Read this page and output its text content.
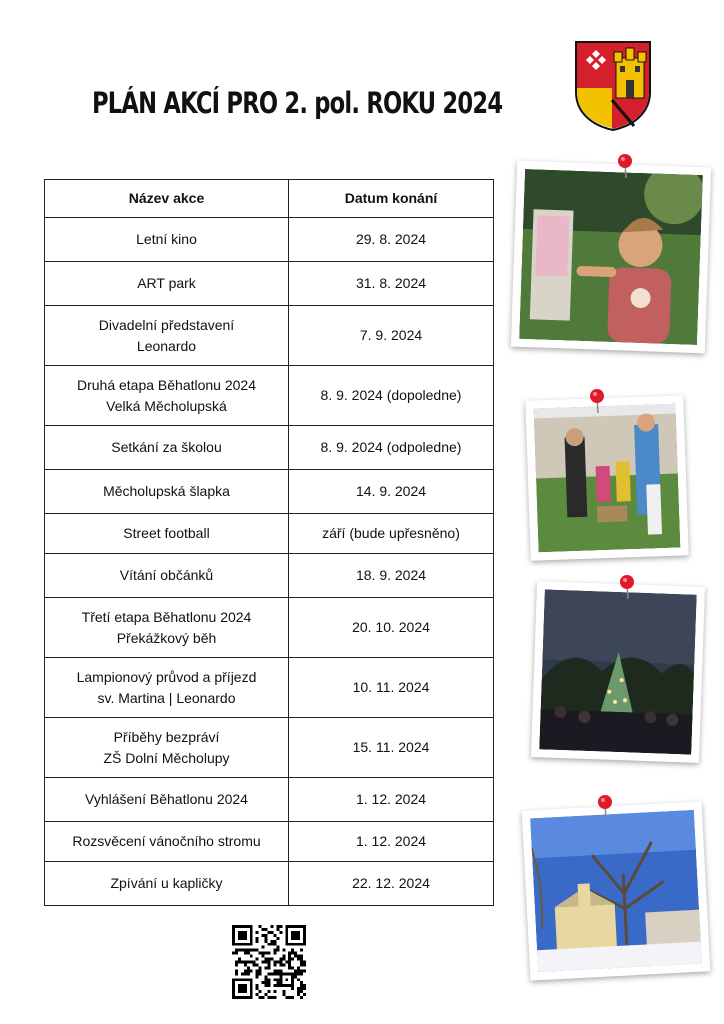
PLÁN AKCÍ PRO 2. pol. ROKU 2024
Název akce	Datum konání

Letní kino	29. 8. 2024

ART park	31. 8. 2024

Divadelní představení
Leonardo	7. 9. 2024

Druhá etapa Běhatlonu 2024
Velká Měcholupská	8. 9. 2024 (dopoledne)

Setkání za školou	8. 9. 2024 (odpoledne)

Měcholupská šlapka	14. 9. 2024

Street football	září (bude upřesněno)

Vítání občánků	18. 9. 2024

Třetí etapa Běhatlonu 2024
Překážkový běh	20. 10. 2024

Lampionový průvod a příjezd
sv. Martina | Leonardo	10. 11. 2024

Příběhy bezpráví
ZŠ Dolní Měcholupy	15. 11. 2024

Vyhlášení Běhatlonu 2024	1. 12. 2024

Rozsvěcení vánočního stromu	1. 12. 2024

Zpívání u kapličky	22. 12. 2024
